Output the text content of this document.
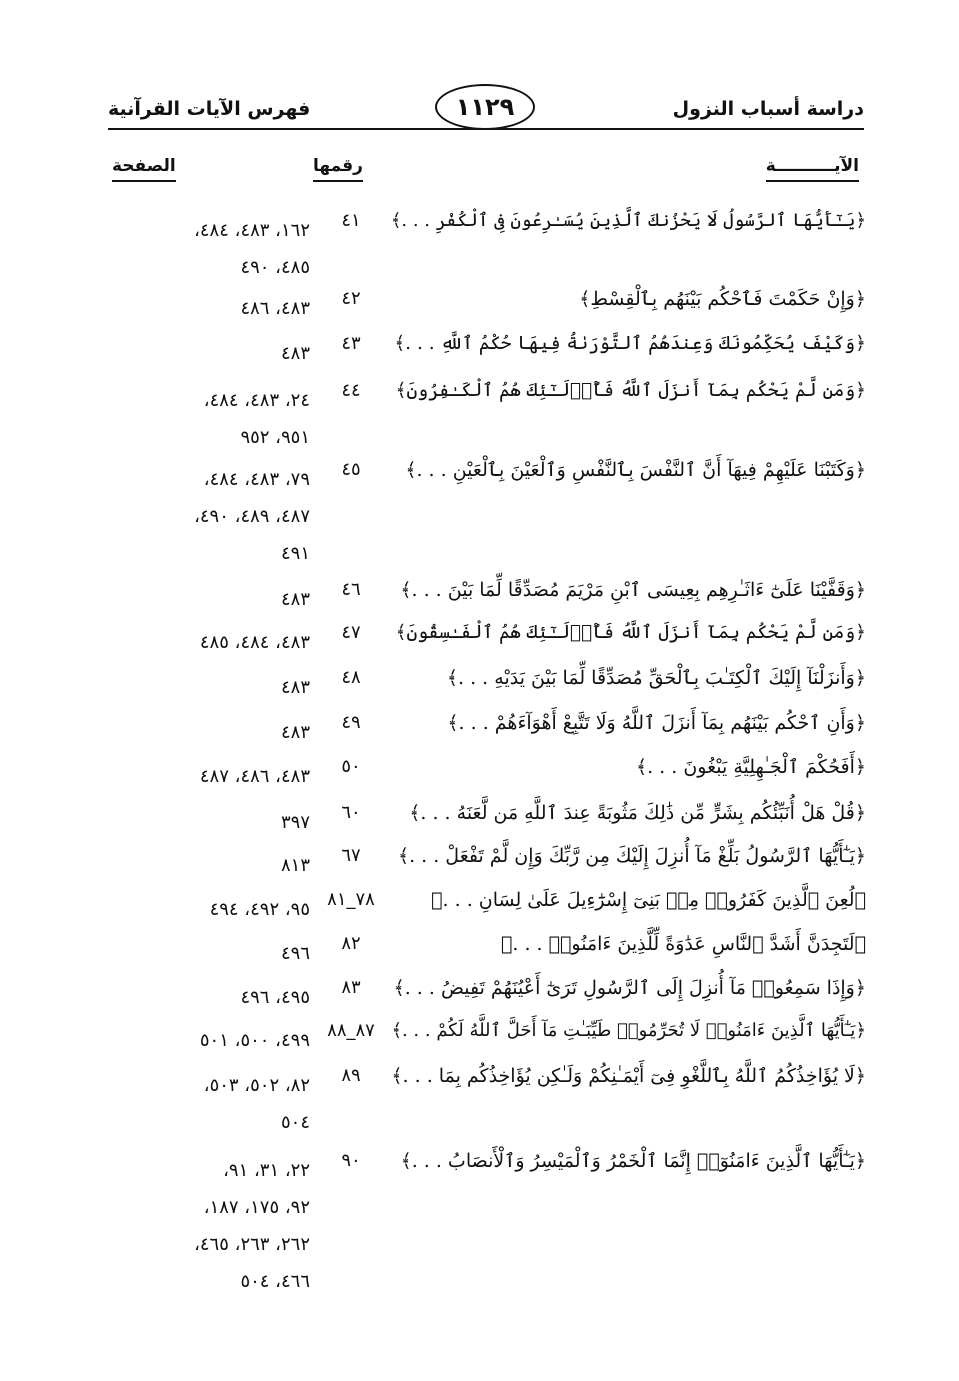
دراسة أسباب النزول
١١٢٩
فهرس الآيات القرآنية
الآيــــــــــة
رقمها
الصفحة
﴿يَـٰٓأَيُّهَا ٱلرَّسُولُ لَا يَحْزُنكَ ٱلَّذِينَ يُسَـٰرِعُونَ فِى ٱلْكُفْرِ . . .﴾
٤١
١٦٢، ٤٨٣، ٤٨٤،
٤٨٥، ٤٩٠
﴿وَإِنْ حَكَمْتَ فَٱحْكُم بَيْنَهُم بِٱلْقِسْطِ﴾
٤٢
٤٨٣، ٤٨٦
﴿وَكَيْفَ يُحَكِّمُونَكَ وَعِندَهُمُ ٱلتَّوْرَىٰةُ فِيهَا حُكْمُ ٱللَّهِ . . .﴾
٤٣
٤٨٣
﴿وَمَن لَّمْ يَحْكُم بِمَآ أَنزَلَ ٱللَّهُ فَأُو۟لَـٰٓئِكَ هُمُ ٱلْكَـٰفِرُونَ﴾
٤٤
٢٤، ٤٨٣، ٤٨٤،
٩٥١، ٩٥٢
﴿وَكَتَبْنَا عَلَيْهِمْ فِيهَآ أَنَّ ٱلنَّفْسَ بِٱلنَّفْسِ وَٱلْعَيْنَ بِٱلْعَيْنِ . . .﴾
٤٥
٧٩، ٤٨٣، ٤٨٤،
٤٨٧، ٤٨٩، ٤٩٠،
٤٩١
﴿وَقَفَّيْنَا عَلَىٰٓ ءَاثَـٰرِهِم بِعِيسَى ٱبْنِ مَرْيَمَ مُصَدِّقًا لِّمَا بَيْنَ . . .﴾
٤٦
٤٨٣
﴿وَمَن لَّمْ يَحْكُم بِمَآ أَنزَلَ ٱللَّهُ فَأُو۟لَـٰٓئِكَ هُمُ ٱلْفَـٰسِقُونَ﴾
٤٧
٤٨٣، ٤٨٤، ٤٨٥
﴿وَأَنزَلْنَآ إِلَيْكَ ٱلْكِتَـٰبَ بِٱلْحَقِّ مُصَدِّقًا لِّمَا بَيْنَ يَدَيْهِ . . .﴾
٤٨
٤٨٣
﴿وَأَنِ ٱحْكُم بَيْنَهُم بِمَآ أَنزَلَ ٱللَّهُ وَلَا تَتَّبِعْ أَهْوَآءَهُمْ . . .﴾
٤٩
٤٨٣
﴿أَفَحُكْمَ ٱلْجَـٰهِلِيَّةِ يَبْغُونَ . . .﴾
٥٠
٤٨٣، ٤٨٦، ٤٨٧
﴿قُلْ هَلْ أُنَبِّئُكُم بِشَرٍّ مِّن ذَٰلِكَ مَثُوبَةً عِندَ ٱللَّهِ مَن لَّعَنَهُ . . .﴾
٦٠
٣٩٧
﴿يَـٰٓأَيُّهَا ٱلرَّسُولُ بَلِّغْ مَآ أُنزِلَ إِلَيْكَ مِن رَّبِّكَ وَإِن لَّمْ تَفْعَلْ . . .﴾
٦٧
٨١٣
﴿لُعِنَ ٱلَّذِينَ كَفَرُوا۟ مِنۢ بَنِىٓ إِسْرَٰٓءِيلَ عَلَىٰ لِسَانِ . . .﴾
٧٨_٨١
٩٥، ٤٩٢، ٤٩٤
﴿لَتَجِدَنَّ أَشَدَّ ٱلنَّاسِ عَدَٰوَةً لِّلَّذِينَ ءَامَنُوا۟ . . .﴾
٨٢
٤٩٦
﴿وَإِذَا سَمِعُوا۟ مَآ أُنزِلَ إِلَى ٱلرَّسُولِ تَرَىٰٓ أَعْيُنَهُمْ تَفِيضُ . . .﴾
٨٣
٤٩٥، ٤٩٦
﴿يَـٰٓأَيُّهَا ٱلَّذِينَ ءَامَنُوا۟ لَا تُحَرِّمُوا۟ طَيِّبَـٰتِ مَآ أَحَلَّ ٱللَّهُ لَكُمْ . . .﴾
٨٧_٨٨
٤٩٩، ٥٠٠، ٥٠١
﴿لَا يُؤَاخِذُكُمُ ٱللَّهُ بِٱللَّغْوِ فِىٓ أَيْمَـٰنِكُمْ وَلَـٰكِن يُؤَاخِذُكُم بِمَا . . .﴾
٨٩
٨٢، ٥٠٢، ٥٠٣،
٥٠٤
﴿يَـٰٓأَيُّهَا ٱلَّذِينَ ءَامَنُوٓا۟ إِنَّمَا ٱلْخَمْرُ وَٱلْمَيْسِرُ وَٱلْأَنصَابُ . . .﴾
٩٠
٢٢، ٣١، ٩١،
٩٢، ١٧٥، ١٨٧،
٢٦٢، ٢٦٣، ٤٦٥،
٤٦٦، ٥٠٤
